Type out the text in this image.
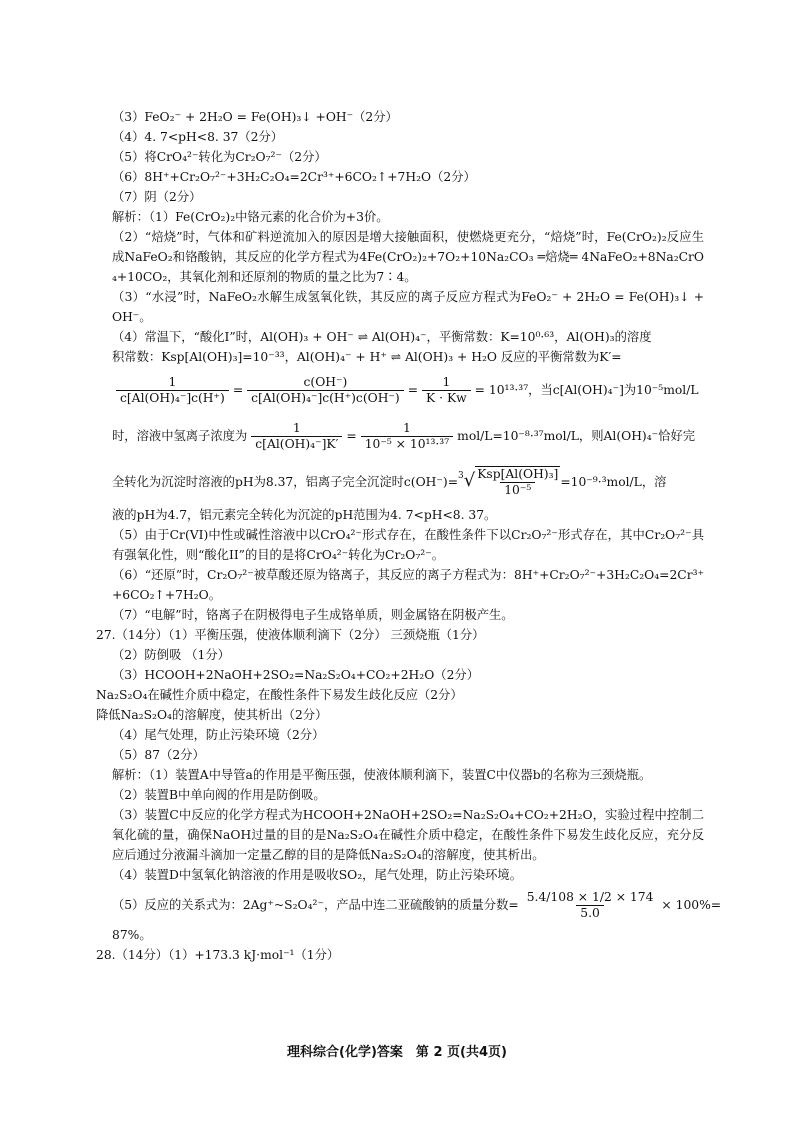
（3）FeO₂⁻ + 2H₂O = Fe(OH)₃↓ +OH⁻（2分）
（4）4. 7<pH<8. 37（2分）
（5）将CrO₄²⁻转化为Cr₂O₇²⁻（2分）
（6）8H⁺+Cr₂O₇²⁻+3H₂C₂O₄=2Cr³⁺+6CO₂↑+7H₂O（2分）
（7）阴（2分）
解析：（1）Fe(CrO₂)₂中铬元素的化合价为+3价。
（2）“焙烧”时，气体和矿料逆流加入的原因是增大接触面积，使燃烧更充分，“焙烧”时，Fe(CrO₂)₂反应生成NaFeO₂和铬酸钠，其反应的化学方程式为4Fe(CrO₂)₂+7O₂+10Na₂CO₃ ═焙烧═ 4NaFeO₂+8Na₂CrO₄+10CO₂，其氧化剂和还原剂的物质的量之比为7∶4。
（3）“水浸”时，NaFeO₂水解生成氢氧化铁，其反应的离子反应方程式为FeO₂⁻ + 2H₂O = Fe(OH)₃↓ +OH⁻。
（4）常温下，“酸化I”时，Al(OH)₃ + OH⁻ ⇌ Al(OH)₄⁻，平衡常数：K=10⁰·⁶³，Al(OH)₃的溶度
积常数：Ksp[Al(OH)₃]=10⁻³³，Al(OH)₄⁻ + H⁺ ⇌ Al(OH)₃ + H₂O 反应的平衡常数为K′=
$\frac{1}{\text{c[Al(OH)₄⁻]c(H⁺)}} = \frac{c(OH^-)}{\text{c[Al(OH)₄⁻]c(H⁺)c(OH⁻)}} = \frac{1}{K \cdot Kw} = 10^{13}\cdot^{37}$，当c[Al(OH)₄⁻]为10⁻⁵mol/L
时，溶液中氢离子浓度为 $\frac{1}{\text{c[Al(OH)₄⁻]K′}} = \frac{1}{\text{10⁻⁵ × 10¹³·³⁷}} mol/L=10^{-8}\cdot^{37}mol/L$，则Al(OH)₄⁻恰好完
全转化为沉淀时溶液的pH为8.37，铝离子完全沉淀时c(OH⁻)= 3 √ $\frac{\text{Ksp[Al(OH)₃]}}{\text{10⁻⁵}} =10^{-9}\cdot^3mol/L$，溶
液的pH为4.7，铝元素完全转化为沉淀的pH范围为4. 7<pH<8. 37。
（5）由于Cr(VI)中性或碱性溶液中以CrO₄²⁻形式存在，在酸性条件下以Cr₂O₇²⁻形式存在，其中Cr₂O₇²⁻具有强氧化性，则“酸化II”的目的是将CrO₄²⁻转化为Cr₂O₇²⁻。
（6）“还原”时，Cr₂O₇²⁻被草酸还原为铬离子，其反应的离子方程式为：8H⁺+Cr₂O₇²⁻+3H₂C₂O₄=2Cr³⁺+6CO₂↑+7H₂O。
（7）“电解”时，铬离子在阴极得电子生成铬单质，则金属铬在阴极产生。
27.（14分）（1）平衡压强，使液体顺利滴下（2分） 三颈烧瓶（1分）
（2）防倒吸 （1分）
（3）HCOOH+2NaOH+2SO₂=Na₂S₂O₄+CO₂+2H₂O（2分）
Na₂S₂O₄在碱性介质中稳定，在酸性条件下易发生歧化反应（2分）
降低Na₂S₂O₄的溶解度，使其析出（2分）
（4）尾气处理，防止污染环境（2分）
（5）87（2分）
解析：（1）装置A中导管a的作用是平衡压强，使液体顺利滴下，装置C中仪器b的名称为三颈烧瓶。
（2）装置B中单向阀的作用是防倒吸。
（3）装置C中反应的化学方程式为HCOOH+2NaOH+2SO₂=Na₂S₂O₄+CO₂+2H₂O，实验过程中控制二氧化硫的量，确保NaOH过量的目的是Na₂S₂O₄在碱性介质中稳定，在酸性条件下易发生歧化反应，充分反应后通过分液漏斗滴加一定量乙醇的目的是降低Na₂S₂O₄的溶解度，使其析出。
（4）装置D中氢氧化钠溶液的作用是吸收SO₂，尾气处理，防止污染环境。
（5）反应的关系式为：2Ag⁺~S₂O₄²⁻，产品中连二亚硫酸钠的质量分数= $\frac{5.4/108 \times 1/2 \times 174}{5.0} \times 100\%=$
87%。
28.（14分）（1）+173.3 kJ·mol⁻¹（1分）
理科综合(化学)答案　第 2 页(共4页)
